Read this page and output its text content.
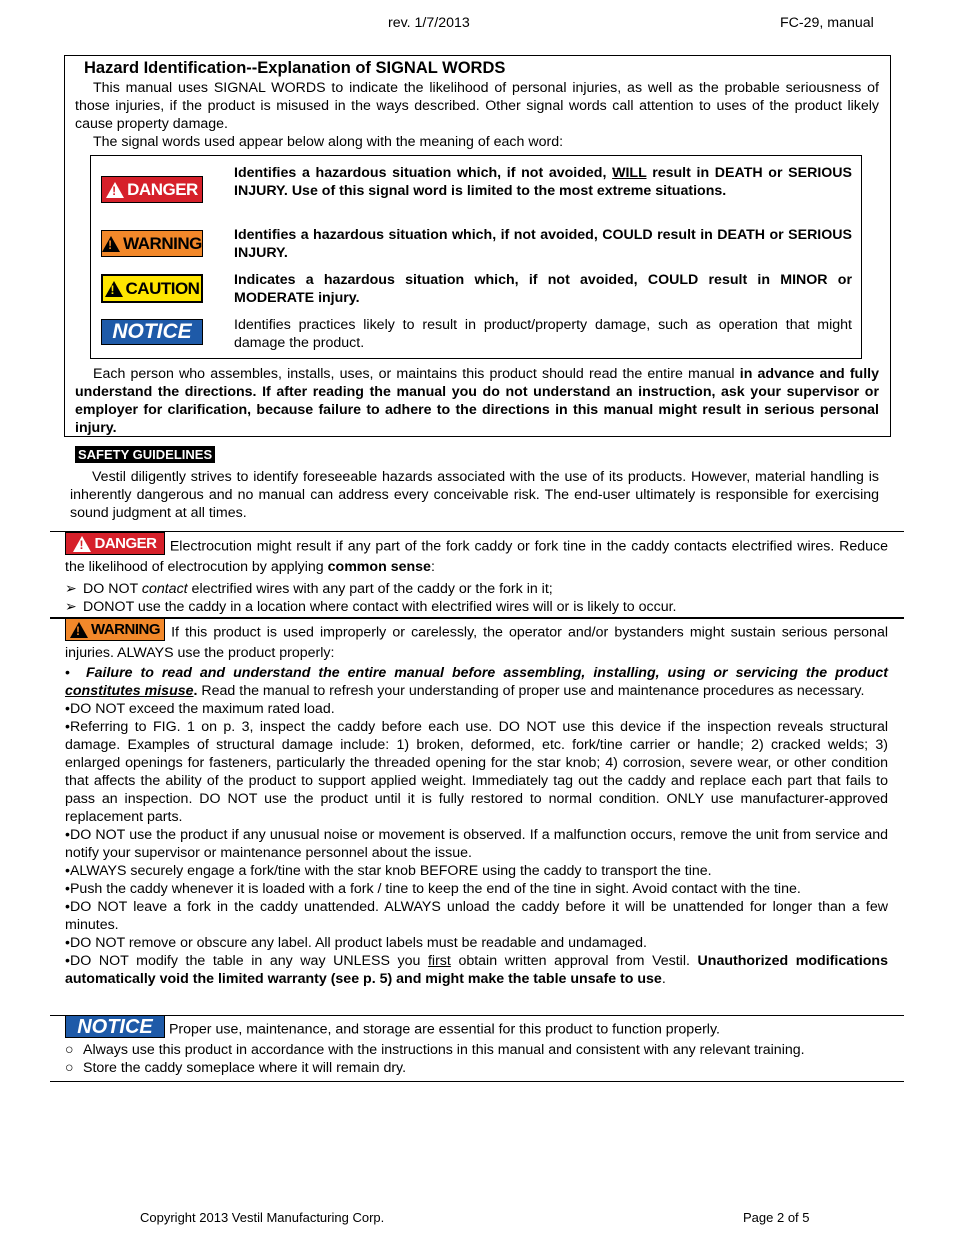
rev. 1/7/2013	FC-29, manual
Hazard Identification--Explanation of SIGNAL WORDS

This manual uses SIGNAL WORDS to indicate the likelihood of personal injuries, as well as the probable seriousness of those injuries, if the product is misused in the ways described. Other signal words call attention to uses of the product likely cause property damage.

The signal words used appear below along with the meaning of each word:

! DANGER

Identifies a hazardous situation which, if not avoided, WILL result in DEATH or SERIOUS INJURY. Use of this signal word is limited to the most extreme situations.

! WARNING Identifies a hazardous situation which, if not avoided, COULD result in DEATH or SERIOUS INJURY.

! CAUTION Indicates a hazardous situation which, if not avoided, COULD result in MINOR or MODERATE injury.

NOTICE	Identifies practices likely to result in product/property damage, such as operation that might damage the product.

Each person who assembles, installs, uses, or maintains this product should read the entire manual in advance and fully understand the directions. If after reading the manual you do not understand an instruction, ask your supervisor or employer for clarification, because failure to adhere to the directions in this manual might result in serious personal injury.

SAFETY GUIDELINES

Vestil diligently strives to identify foreseeable hazards associated with the use of its products. However, material handling is inherently dangerous and no manual can address every conceivable risk. The end-user ultimately is responsible for exercising sound judgment at all times.

! DANGER Electrocution might result if any part of the fork caddy or fork tine in the caddy contacts electrified wires. Reduce the likelihood of electrocution by applying common sense:

➢ DO NOT contact electrified wires with any part of the caddy or the fork in it;
➢ DONOT use the caddy in a location where contact with electrified wires will or is likely to occur.

! WARNING If this product is used improperly or carelessly, the operator and/or bystanders might sustain serious personal injuries. ALWAYS use the product properly:

•  Failure to read and understand the entire manual before assembling, installing, using or servicing the product constitutes misuse. Read the manual to refresh your understanding of proper use and maintenance procedures as necessary.

•DO NOT exceed the maximum rated load.

•Referring to FIG. 1 on p. 3, inspect the caddy before each use. DO NOT use this device if the inspection reveals structural damage. Examples of structural damage include: 1) broken, deformed, etc. fork/tine carrier or handle; 2) cracked welds; 3) enlarged openings for fasteners, particularly the threaded opening for the star knob; 4) corrosion, severe wear, or other condition that affects the ability of the product to support applied weight. Immediately tag out the caddy and replace each part that fails to pass an inspection. DO NOT use the product until it is fully restored to normal condition. ONLY use manufacturer-approved replacement parts.

•DO NOT use the product if any unusual noise or movement is observed. If a malfunction occurs, remove the unit from service and notify your supervisor or maintenance personnel about the issue.

•ALWAYS securely engage a fork/tine with the star knob BEFORE using the caddy to transport the tine.

•Push the caddy whenever it is loaded with a fork / tine to keep the end of the tine in sight. Avoid contact with the tine.

•DO NOT leave a fork in the caddy unattended. ALWAYS unload the caddy before it will be unattended for longer than a few minutes.

•DO NOT remove or obscure any label. All product labels must be readable and undamaged.

•DO NOT modify the table in any way UNLESS you first obtain written approval from Vestil. Unauthorized modifications automatically void the limited warranty (see p. 5) and might make the table unsafe to use.

NOTICE Proper use, maintenance, and storage are essential for this product to function properly.

○ Always use this product in accordance with the instructions in this manual and consistent with any relevant training.
○ Store the caddy someplace where it will remain dry.
Copyright 2013 Vestil Manufacturing Corp.	Page 2 of 5
